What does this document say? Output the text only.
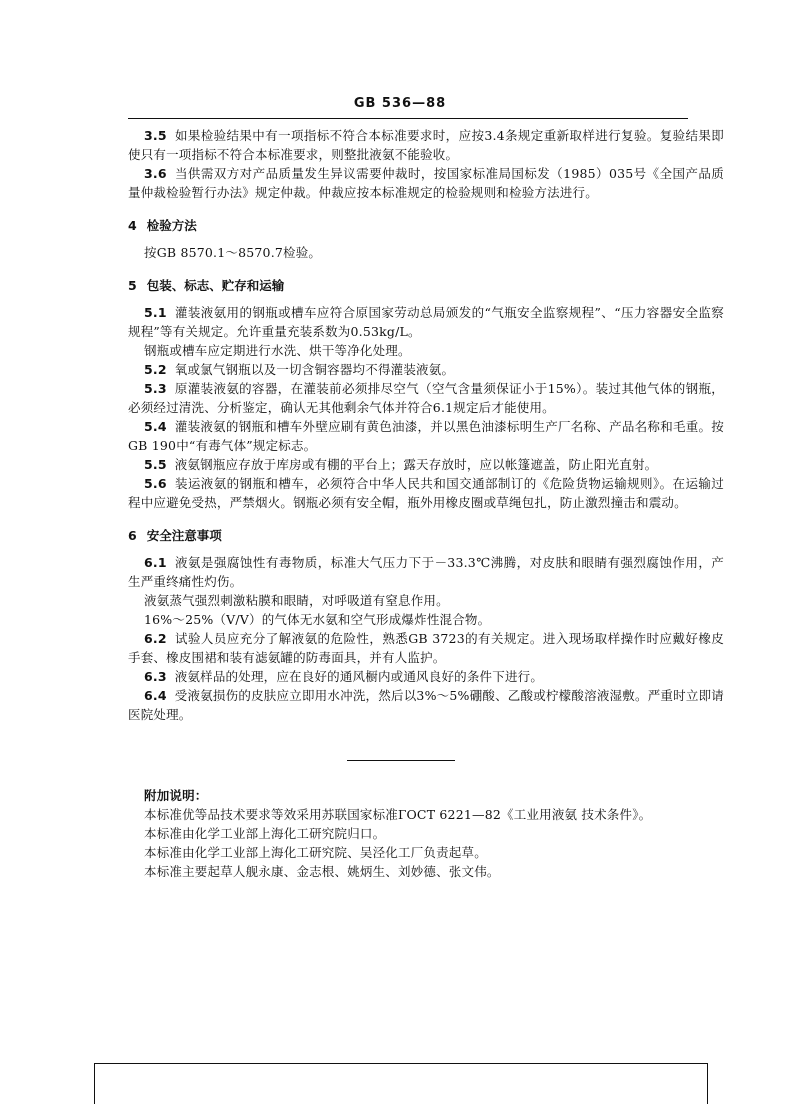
GB 536—88

3.5 如果检验结果中有一项指标不符合本标准要求时，应按3.4条规定重新取样进行复验。复验结果即使只有一项指标不符合本标准要求，则整批液氨不能验收。

3.6 当供需双方对产品质量发生异议需要仲裁时，按国家标准局国标发（1985）035号《全国产品质量仲裁检验暂行办法》规定仲裁。仲裁应按本标准规定的检验规则和检验方法进行。

4 检验方法

按GB 8570.1～8570.7检验。

5 包装、标志、贮存和运输

5.1 灌装液氨用的钢瓶或槽车应符合原国家劳动总局颁发的“气瓶安全监察规程”、“压力容器安全监察规程”等有关规定。允许重量充装系数为0.53kg/L。

钢瓶或槽车应定期进行水洗、烘干等净化处理。

5.2 氧或氯气钢瓶以及一切含铜容器均不得灌装液氨。

5.3 原灌装液氨的容器，在灌装前必须排尽空气（空气含量须保证小于15%）。装过其他气体的钢瓶，必须经过清洗、分析鉴定，确认无其他剩余气体并符合6.1规定后才能使用。

5.4 灌装液氨的钢瓶和槽车外壁应刷有黄色油漆，并以黑色油漆标明生产厂名称、产品名称和毛重。按GB 190中“有毒气体”规定标志。

5.5 液氨钢瓶应存放于库房或有棚的平台上；露天存放时，应以帐篷遮盖，防止阳光直射。

5.6 装运液氨的钢瓶和槽车，必须符合中华人民共和国交通部制订的《危险货物运输规则》。在运输过程中应避免受热，严禁烟火。钢瓶必须有安全帽，瓶外用橡皮圈或草绳包扎，防止激烈撞击和震动。

6 安全注意事项

6.1 液氨是强腐蚀性有毒物质，标准大气压力下于－33.3℃沸腾，对皮肤和眼睛有强烈腐蚀作用，产生严重终痛性灼伤。

液氨蒸气强烈刺激粘膜和眼睛，对呼吸道有窒息作用。

16%～25%（V/V）的气体无水氨和空气形成爆炸性混合物。

6.2 试验人员应充分了解液氨的危险性，熟悉GB 3723的有关规定。进入现场取样操作时应戴好橡皮手套、橡皮围裙和装有滤氨罐的防毒面具，并有人监护。

6.3 液氨样品的处理，应在良好的通风橱内或通风良好的条件下进行。

6.4 受液氨损伤的皮肤应立即用水冲洗，然后以3%～5%硼酸、乙酸或柠檬酸溶液湿敷。严重时立即请医院处理。

附加说明：

本标准优等品技术要求等效采用苏联国家标准ГОСТ 6221—82《工业用液氨 技术条件》。

本标准由化学工业部上海化工研究院归口。

本标准由化学工业部上海化工研究院、吴泾化工厂负责起草。

本标准主要起草人舰永康、金志根、姚炳生、刘妙德、张文伟。
